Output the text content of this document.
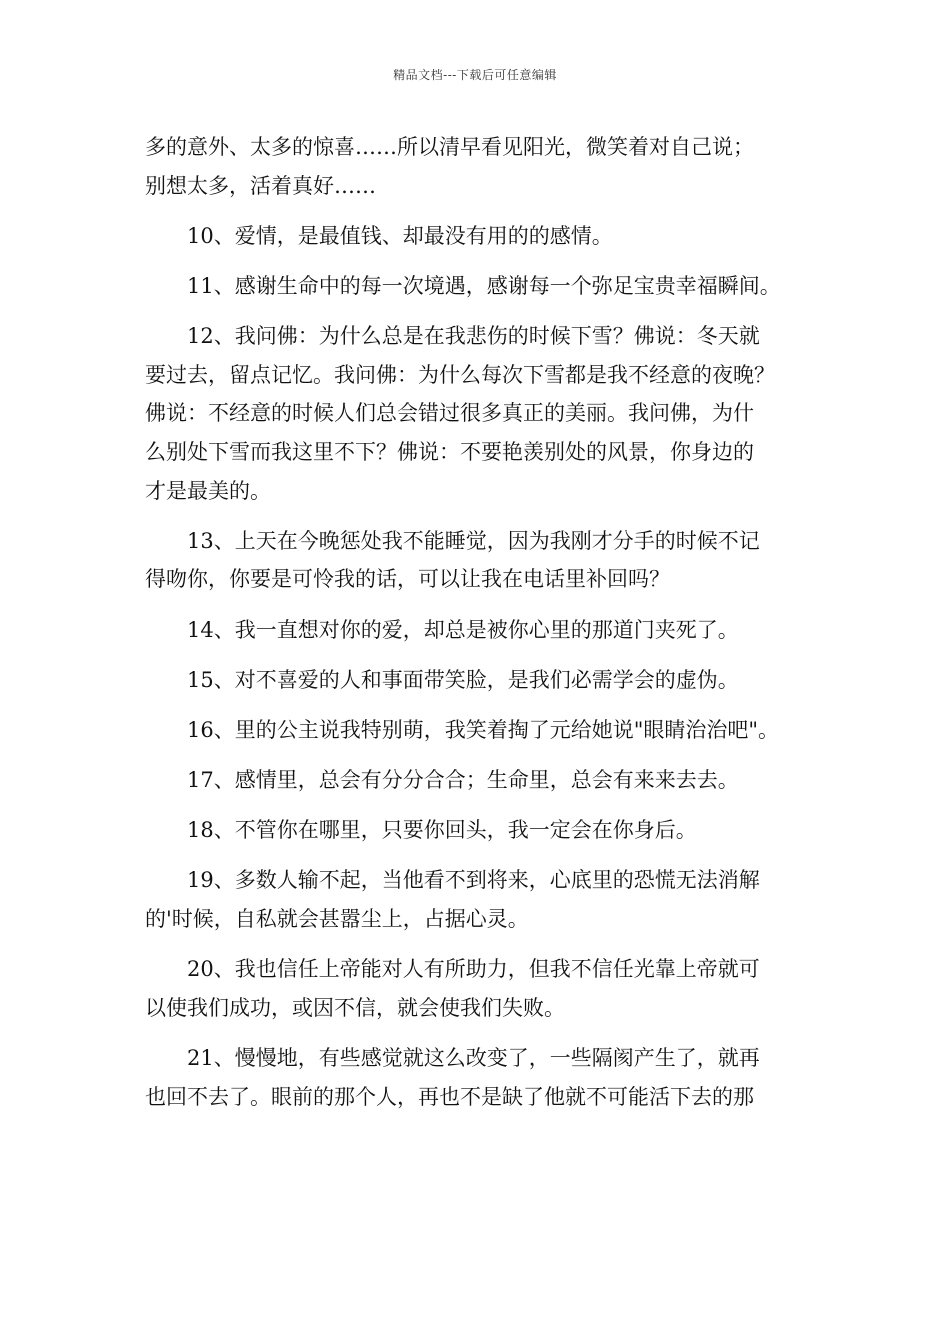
精品文档---下载后可任意编辑

多的意外、太多的惊喜……所以清早看见阳光，微笑着对自己说；
别想太多，活着真好……

10、爱情，是最值钱、却最没有用的的感情。

11、感谢生命中的每一次境遇，感谢每一个弥足宝贵幸福瞬间。

12、我问佛：为什么总是在我悲伤的时候下雪？佛说：冬天就
要过去，留点记忆。我问佛：为什么每次下雪都是我不经意的夜晚？
佛说：不经意的时候人们总会错过很多真正的美丽。我问佛，为什
么别处下雪而我这里不下？佛说：不要艳羡别处的风景，你身边的
才是最美的。

13、上天在今晚惩处我不能睡觉，因为我刚才分手的时候不记
得吻你，你要是可怜我的话，可以让我在电话里补回吗？

14、我一直想对你的爱，却总是被你心里的那道门夹死了。

15、对不喜爱的人和事面带笑脸，是我们必需学会的虚伪。

16、里的公主说我特别萌，我笑着掏了元给她说"眼睛治治吧"。

17、感情里，总会有分分合合；生命里，总会有来来去去。

18、不管你在哪里，只要你回头，我一定会在你身后。

19、多数人输不起，当他看不到将来，心底里的恐慌无法消解
的'时候，自私就会甚嚣尘上，占据心灵。

20、我也信任上帝能对人有所助力，但我不信任光靠上帝就可
以使我们成功，或因不信，就会使我们失败。

21、慢慢地，有些感觉就这么改变了，一些隔阂产生了，就再
也回不去了。眼前的那个人，再也不是缺了他就不可能活下去的那
